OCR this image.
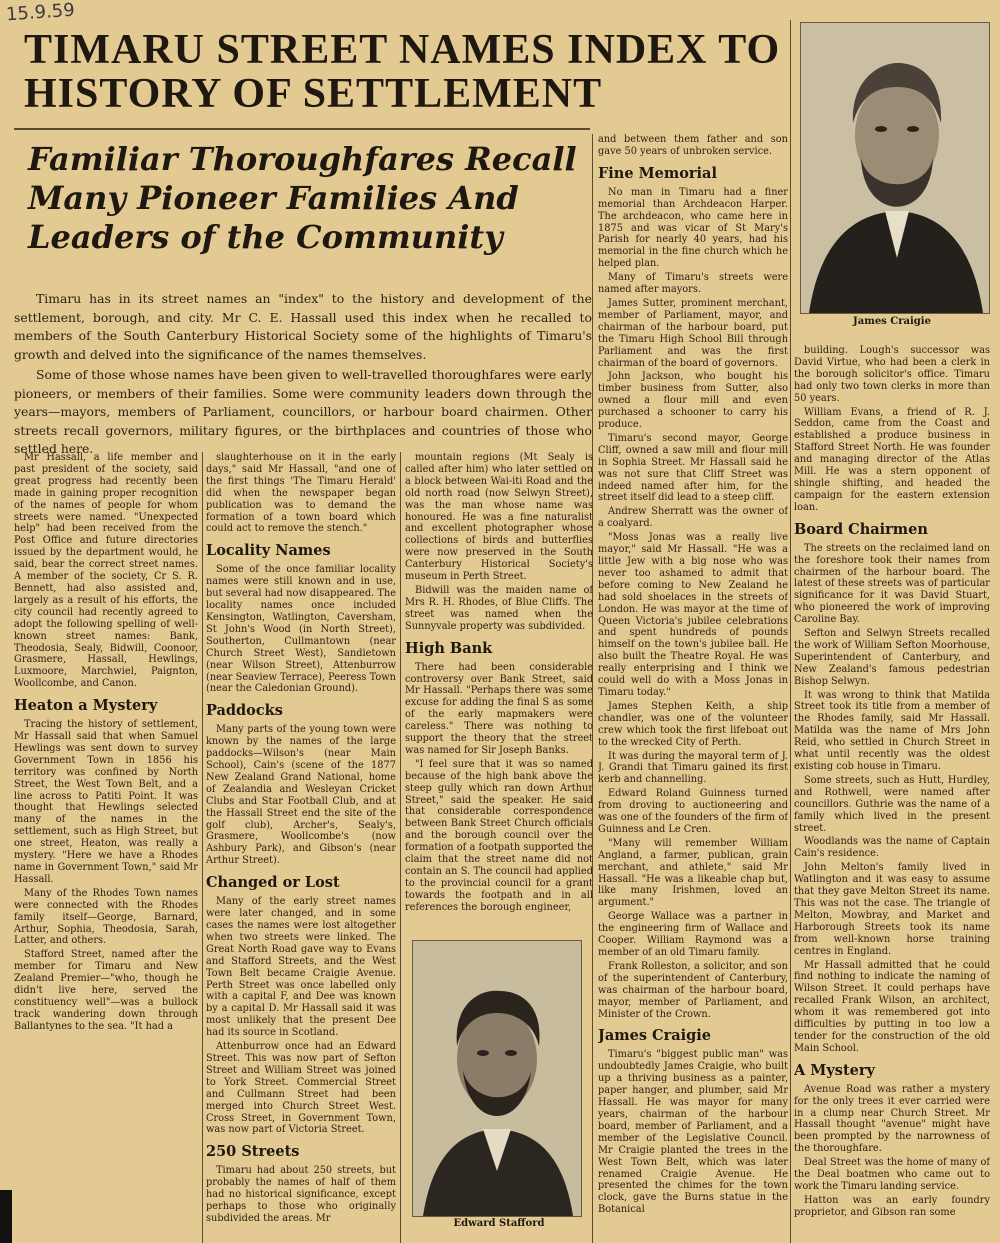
15.9.59
TIMARU STREET NAMES INDEX TO HISTORY OF SETTLEMENT
Familiar Thoroughfares Recall Many Pioneer Families And Leaders of the Community

Timaru has in its street names an "index" to the history and development of the settlement, borough, and city. Mr C. E. Hassall used this index when he recalled to members of the South Canterbury Historical Society some of the highlights of Timaru's growth and delved into the significance of the names themselves.

Some of those whose names have been given to well-travelled thoroughfares were early pioneers, or members of their families. Some were community leaders down through the years—mayors, members of Parliament, councillors, or harbour board chairmen. Other streets recall governors, military figures, or the birthplaces and countries of those who settled here.

Mr Hassall, a life member and past president of the society, said great progress had recently been made in gaining proper recognition of the names of people for whom streets were named. "Unexpected help" had been received from the Post Office and future directories issued by the department would, he said, bear the correct street names. A member of the society, Cr S. R. Bennett, had also assisted and, largely as a result of his efforts, the city council had recently agreed to adopt the following spelling of well-known street names: Bank, Theodosia, Sealy, Bidwill, Coonoor, Grasmere, Hassall, Hewlings, Luxmoore, Marchwiel, Paignton, Woollcombe, and Canon.

Heaton a Mystery

Tracing the history of settlement, Mr Hassall said that when Samuel Hewlings was sent down to survey Government Town in 1856 his territory was confined by North Street, the West Town Belt, and a line across to Patiti Point. It was thought that Hewlings selected many of the names in the settlement, such as High Street, but one street, Heaton, was really a mystery. "Here we have a Rhodes name in Government Town," said Mr Hassall.

Many of the Rhodes Town names were connected with the Rhodes family itself—George, Barnard, Arthur, Sophia, Theodosia, Sarah, Latter, and others.

Stafford Street, named after the member for Timaru and New Zealand Premier—"who, though he didn't live here, served the constituency well"—was a bullock track wandering down through Ballantynes to the sea. "It had a

slaughterhouse on it in the early days," said Mr Hassall, "and one of the first things 'The Timaru Herald' did when the newspaper began publication was to demand the formation of a town board which could act to remove the stench."

Locality Names

Some of the once familiar locality names were still known and in use, but several had now disappeared. The locality names once included Kensington, Watlington, Caversham, St John's Wood (in North Street), Southerton, Cullmantown (near Church Street West), Sandietown (near Wilson Street), Attenburrow (near Seaview Terrace), Peeress Town (near the Caledonian Ground).

Paddocks

Many parts of the young town were known by the names of the large paddocks—Wilson's (near Main School), Cain's (scene of the 1877 New Zealand Grand National, home of Zealandia and Wesleyan Cricket Clubs and Star Football Club, and at the Hassall Street end the site of the golf club), Archer's, Sealy's, Grasmere, Woollcombe's (now Ashbury Park), and Gibson's (near Arthur Street).

Changed or Lost

Many of the early street names were later changed, and in some cases the names were lost altogether when two streets were linked. The Great North Road gave way to Evans and Stafford Streets, and the West Town Belt became Craigie Avenue. Perth Street was once labelled only with a capital F, and Dee was known by a capital D. Mr Hassall said it was most unlikely that the present Dee had its source in Scotland.

Attenburrow once had an Edward Street. This was now part of Sefton Street and William Street was joined to York Street. Commercial Street and Cullmann Street had been merged into Church Street West. Cross Street, in Government Town, was now part of Victoria Street.

250 Streets

Timaru had about 250 streets, but probably the names of half of them had no historical significance, except perhaps to those who originally subdivided the areas. Mr

mountain regions (Mt Sealy is called after him) who later settled on a block between Wai-iti Road and the old north road (now Selwyn Street), was the man whose name was honoured. He was a fine naturalist and excellent photographer whose collections of birds and butterflies were now preserved in the South Canterbury Historical Society's museum in Perth Street.

Bidwill was the maiden name of Mrs R. H. Rhodes, of Blue Cliffs. The street was named when the Sunnyvale property was subdivided.

High Bank

There had been considerable controversy over Bank Street, said Mr Hassall. "Perhaps there was some excuse for adding the final S as some of the early mapmakers were careless." There was nothing to support the theory that the street was named for Sir Joseph Banks.

"I feel sure that it was so named because of the high bank above the steep gully which ran down Arthur Street," said the speaker. He said that considerable correspondence between Bank Street Church officials and the borough council over the formation of a footpath supported the claim that the street name did not contain an S. The council had applied to the provincial council for a grant towards the footpath and in all references the borough engineer,

Edward Stafford

and between them father and son gave 50 years of unbroken service.

Fine Memorial

No man in Timaru had a finer memorial than Archdeacon Harper. The archdeacon, who came here in 1875 and was vicar of St Mary's Parish for nearly 40 years, had his memorial in the fine church which he helped plan.

Many of Timaru's streets were named after mayors.

James Sutter, prominent merchant, member of Parliament, mayor, and chairman of the harbour board, put the Timaru High School Bill through Parliament and was the first chairman of the board of governors.

John Jackson, who bought his timber business from Sutter, also owned a flour mill and even purchased a schooner to carry his produce.

Timaru's second mayor, George Cliff, owned a saw mill and flour mill in Sophia Street. Mr Hassall said he was not sure that Cliff Street was indeed named after him, for the street itself did lead to a steep cliff.

Andrew Sherratt was the owner of a coalyard.

"Moss Jonas was a really live mayor," said Mr Hassall. "He was a little Jew with a big nose who was never too ashamed to admit that before coming to New Zealand he had sold shoelaces in the streets of London. He was mayor at the time of Queen Victoria's jubilee celebrations and spent hundreds of pounds himself on the town's jubilee ball. He also built the Theatre Royal. He was really enterprising and I think we could well do with a Moss Jonas in Timaru today."

James Stephen Keith, a ship chandler, was one of the volunteer crew which took the first lifeboat out to the wrecked City of Perth.

It was during the mayoral term of J. J. Grandi that Timaru gained its first kerb and channelling.

Edward Roland Guinness turned from droving to auctioneering and was one of the founders of the firm of Guinness and Le Cren.

"Many will remember William Angland, a farmer, publican, grain merchant, and athlete," said Mr Hassall. "He was a likeable chap but, like many Irishmen, loved an argument."

George Wallace was a partner in the engineering firm of Wallace and Cooper. William Raymond was a member of an old Timaru family.

Frank Rolleston, a solicitor, and son of the superintendent of Canterbury, was chairman of the harbour board, mayor, member of Parliament, and Minister of the Crown.

James Craigie

Timaru's "biggest public man" was undoubtedly James Craigie, who built up a thriving business as a painter, paper hanger, and plumber, said Mr Hassall. He was mayor for many years, chairman of the harbour board, member of Parliament, and a member of the Legislative Council. Mr Craigie planted the trees in the West Town Belt, which was later renamed Craigie Avenue. He presented the chimes for the town clock, gave the Burns statue in the Botanical

James Craigie

building. Lough's successor was David Virtue, who had been a clerk in the borough solicitor's office. Timaru had only two town clerks in more than 50 years.

William Evans, a friend of R. J. Seddon, came from the Coast and established a produce business in Stafford Street North. He was founder and managing director of the Atlas Mill. He was a stern opponent of shingle shifting, and headed the campaign for the eastern extension loan.

Board Chairmen

The streets on the reclaimed land on the foreshore took their names from chairmen of the harbour board. The latest of these streets was of particular significance for it was David Stuart, who pioneered the work of improving Caroline Bay.

Sefton and Selwyn Streets recalled the work of William Sefton Moorhouse, Superintendent of Canterbury, and New Zealand's famous pedestrian Bishop Selwyn.

It was wrong to think that Matilda Street took its title from a member of the Rhodes family, said Mr Hassall. Matilda was the name of Mrs John Reid, who settled in Church Street in what until recently was the oldest existing cob house in Timaru.

Some streets, such as Hutt, Hurdley, and Rothwell, were named after councillors. Guthrie was the name of a family which lived in the present street.

Woodlands was the name of Captain Cain's residence.

John Melton's family lived in Watlington and it was easy to assume that they gave Melton Street its name. This was not the case. The triangle of Melton, Mowbray, and Market and Harborough Streets took its name from well-known horse training centres in England.

Mr Hassall admitted that he could find nothing to indicate the naming of Wilson Street. It could perhaps have recalled Frank Wilson, an architect, whom it was remembered got into difficulties by putting in too low a tender for the construction of the old Main School.

A Mystery

Avenue Road was rather a mystery for the only trees it ever carried were in a clump near Church Street. Mr Hassall thought "avenue" might have been prompted by the narrowness of the thoroughfare.

Deal Street was the home of many of the Deal boatmen who came out to work the Timaru landing service.

Hatton was an early foundry proprietor, and Gibson ran some
